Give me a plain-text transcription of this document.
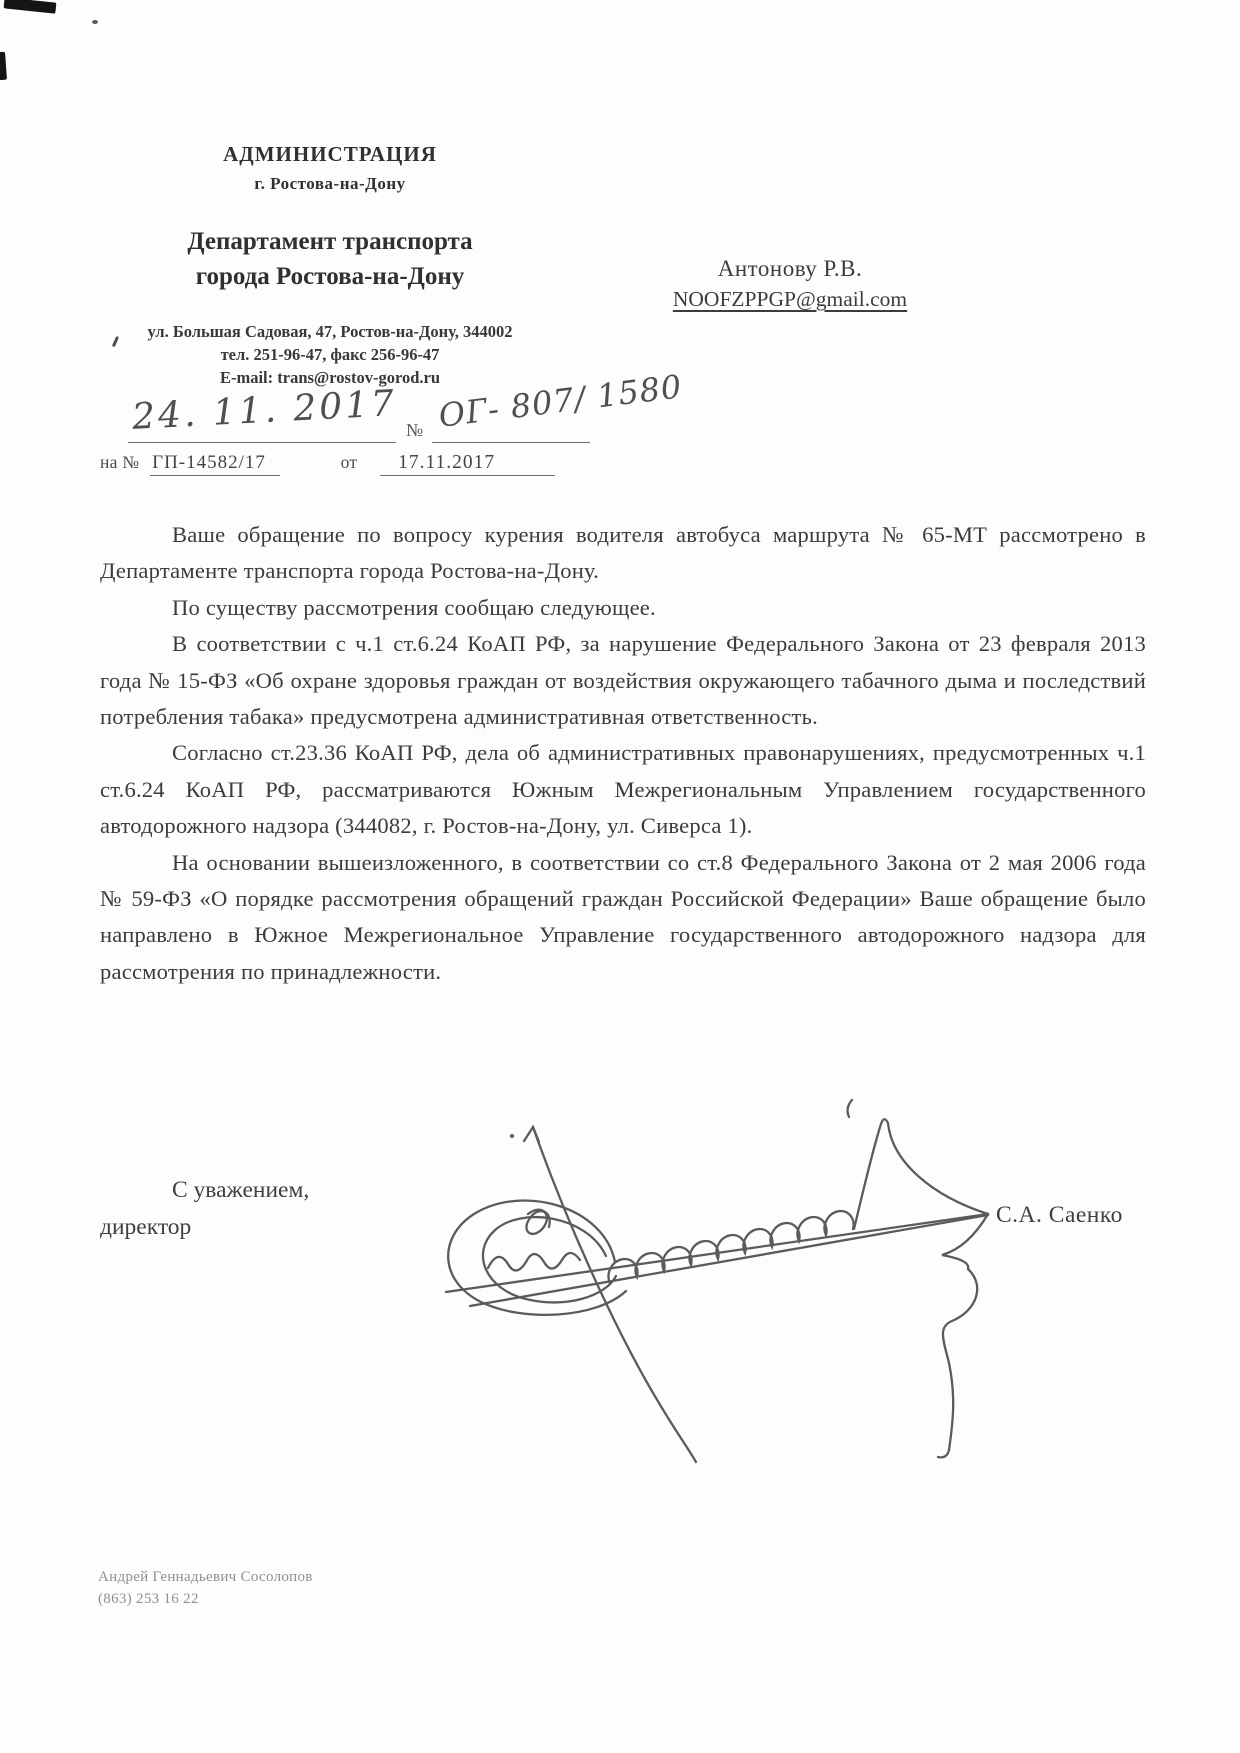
АДМИНИСТРАЦИЯ
г. Ростова-на-Дону
Департамент транспорта
города Ростова-на-Дону
ул. Большая Садовая, 47, Ростов-на-Дону, 344002
тел. 251-96-47, факс 256-96-47
E-mail: trans@rostov-gorod.ru
Антонову Р.В.
NOOFZPPGP@gmail.com
24. 11. 2017 № ОГ- 807/ 1580
на № ГП-14582/17	от 17.11.2017

Ваше обращение по вопросу курения водителя автобуса маршрута № 65-МТ рассмотрено в Департаменте транспорта города Ростова-на-Дону.

По существу рассмотрения сообщаю следующее.

В соответствии с ч.1 ст.6.24 КоАП РФ, за нарушение Федерального Закона от 23 февраля 2013 года № 15-ФЗ «Об охране здоровья граждан от воздействия окружающего табачного дыма и последствий потребления табака» предусмотрена административная ответственность.

Согласно ст.23.36 КоАП РФ, дела об административных правонарушениях, предусмотренных ч.1 ст.6.24 КоАП РФ, рассматриваются Южным Межрегиональным Управлением государственного автодорожного надзора (344082, г. Ростов-на-Дону, ул. Сиверса 1).

На основании вышеизложенного, в соответствии со ст.8 Федерального Закона от 2 мая 2006 года № 59-ФЗ «О порядке рассмотрения обращений граждан Российской Федерации» Ваше обращение было направлено в Южное Межрегиональное Управление государственного автодорожного надзора для рассмотрения по принадлежности.

С уважением,

директор	С.А. Саенко
Андрей Геннадьевич Сосолопов
(863) 253 16 22
